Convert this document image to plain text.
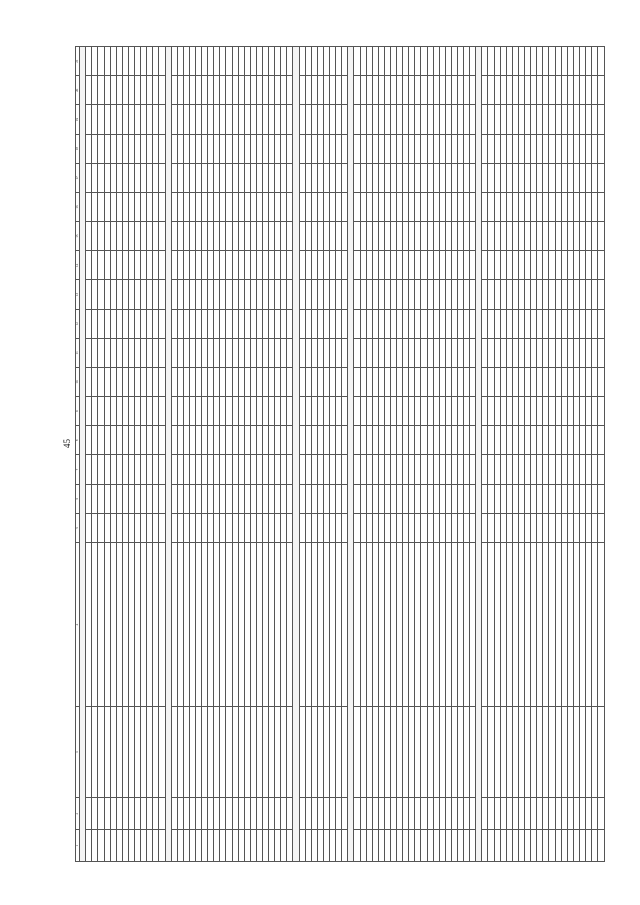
45
1	2	3	4	5	6	7	8	9	10	11	12	13	14	15	16	17	18	19	20	21
